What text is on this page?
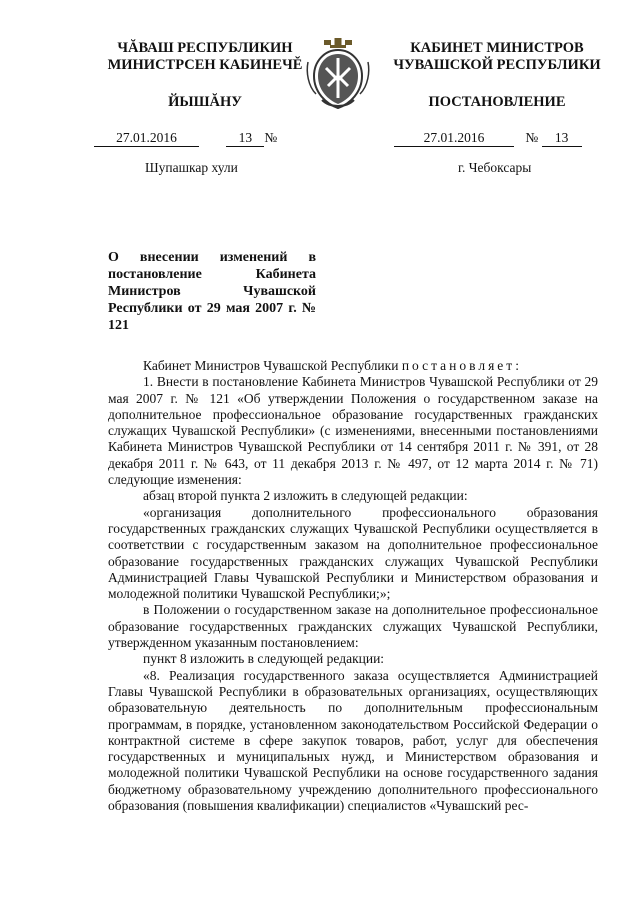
ЧĂВАШ РЕСПУБЛИКИН
МИНИСТРСЕН КАБИНЕЧĔ
ЙЫШĂНУ
КАБИНЕТ МИНИСТРОВ
ЧУВАШСКОЙ РЕСПУБЛИКИ
ПОСТАНОВЛЕНИЕ
27.01.2016	13 №	27.01.2016	№ 13
Шупашкар хули	г. Чебоксары
О внесении изменений в постановление Кабинета Министров Чувашской Республики от 29 мая 2007 г. № 121

Кабинет Министров Чувашской Республики постановляет:

1. Внести в постановление Кабинета Министров Чувашской Республики от 29 мая 2007 г. № 121 «Об утверждении Положения о государственном заказе на дополнительное профессиональное образование государственных гражданских служащих Чувашской Республики» (с изменениями, внесенными постановлениями Кабинета Министров Чувашской Республики от 14 сентября 2011 г. № 391, от 28 декабря 2011 г. № 643, от 11 декабря 2013 г. № 497, от 12 марта 2014 г. № 71) следующие изменения:

абзац второй пункта 2 изложить в следующей редакции:

«организация дополнительного профессионального образования государственных гражданских служащих Чувашской Республики осуществляется в соответствии с государственным заказом на дополнительное профессиональное образование государственных гражданских служащих Чувашской Республики Администрацией Главы Чувашской Республики и Министерством образования и молодежной политики Чувашской Республики;»;

в Положении о государственном заказе на дополнительное профессиональное образование государственных гражданских служащих Чувашской Республики, утвержденном указанным постановлением:

пункт 8 изложить в следующей редакции:

«8. Реализация государственного заказа осуществляется Администрацией Главы Чувашской Республики в образовательных организациях, осуществляющих образовательную деятельность по дополнительным профессиональным программам, в порядке, установленном законодательством Российской Федерации о контрактной системе в сфере закупок товаров, работ, услуг для обеспечения государственных и муниципальных нужд, и Министерством образования и молодежной политики Чувашской Республики на основе государственного задания бюджетному образовательному учреждению дополнительного профессионального образования (повышения квалификации) специалистов «Чувашский рес-
